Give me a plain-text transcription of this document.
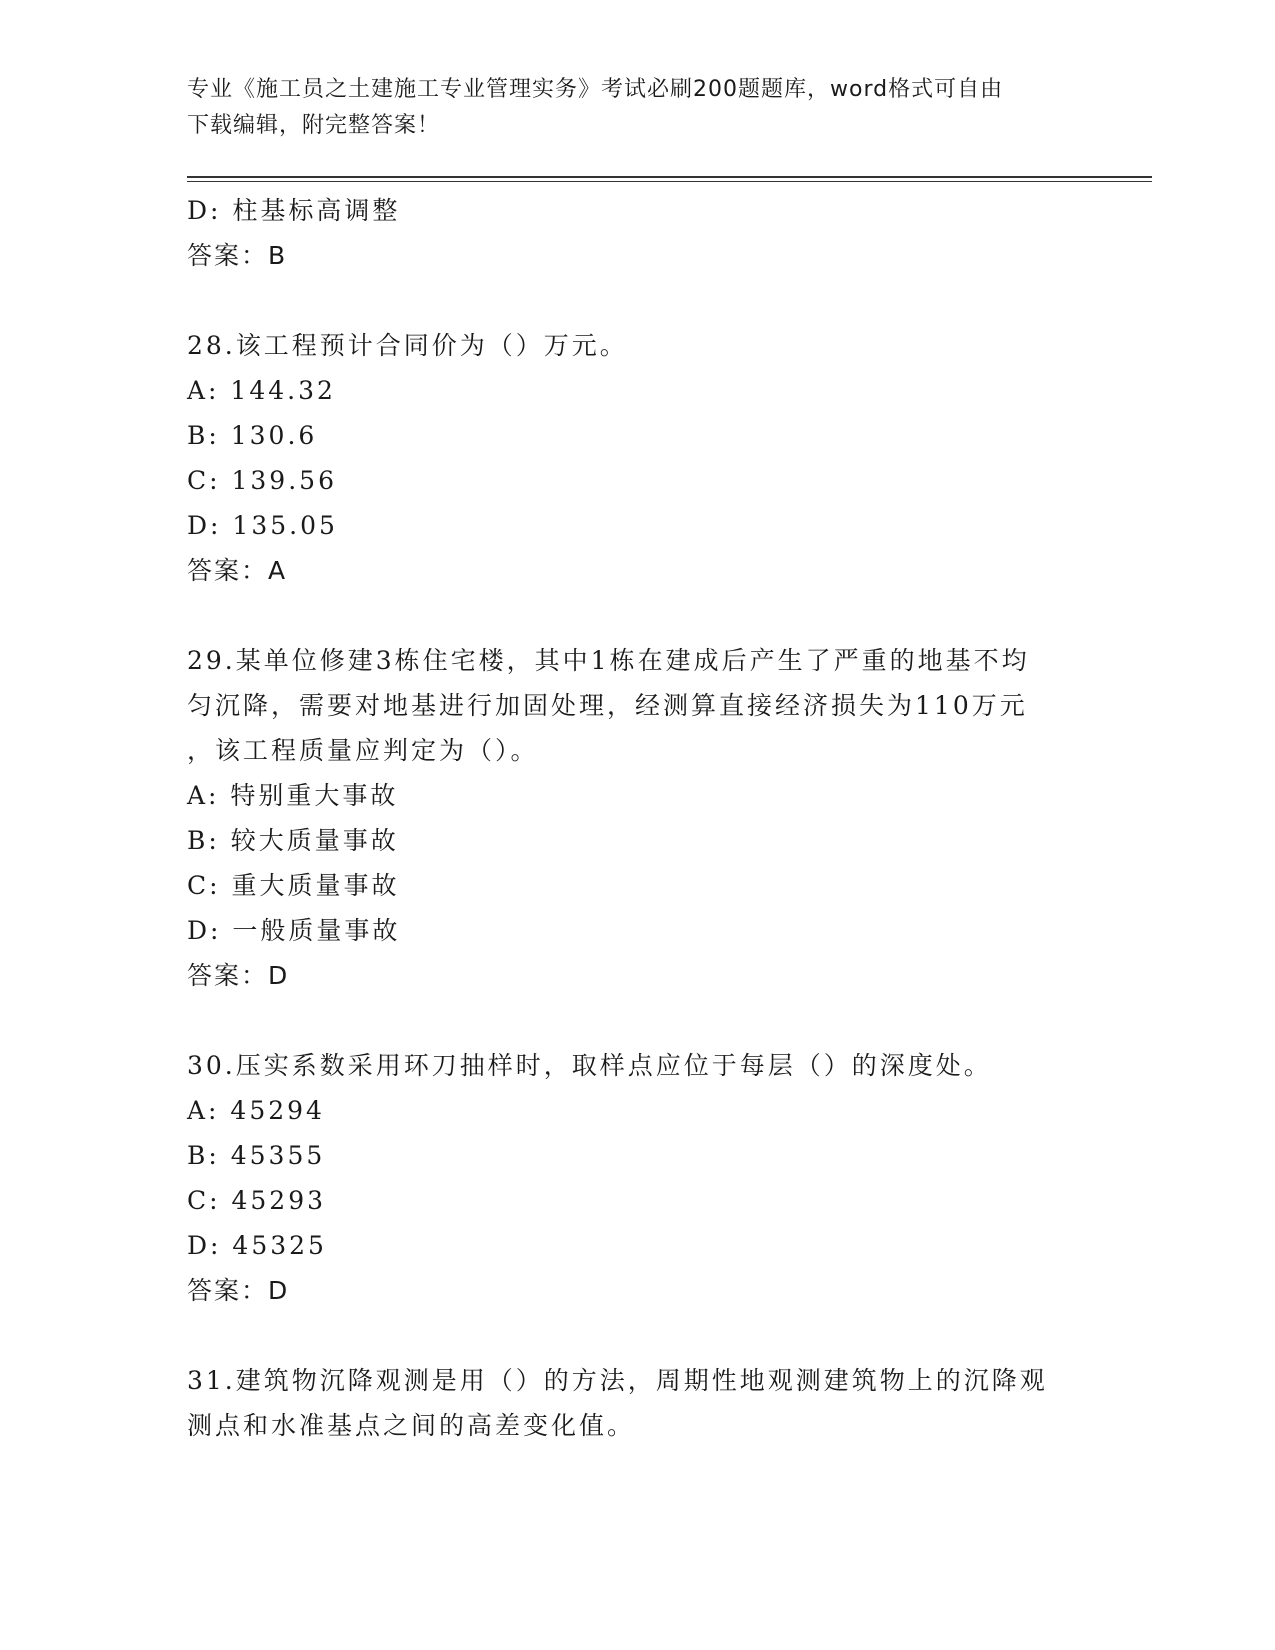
专业《施工员之土建施工专业管理实务》考试必刷200题题库，word格式可自由
下载编辑，附完整答案！
D: 柱基标高调整
答案：B
28.该工程预计合同价为（）万元。
A: 144.32
B: 130.6
C: 139.56
D: 135.05
答案：A
29.某单位修建3栋住宅楼，其中1栋在建成后产生了严重的地基不均
匀沉降，需要对地基进行加固处理，经测算直接经济损失为110万元
，该工程质量应判定为（）。
A: 特别重大事故
B: 较大质量事故
C: 重大质量事故
D: 一般质量事故
答案：D
30.压实系数采用环刀抽样时，取样点应位于每层（）的深度处。
A: 45294
B: 45355
C: 45293
D: 45325
答案：D
31.建筑物沉降观测是用（）的方法，周期性地观测建筑物上的沉降观
测点和水准基点之间的高差变化值。
